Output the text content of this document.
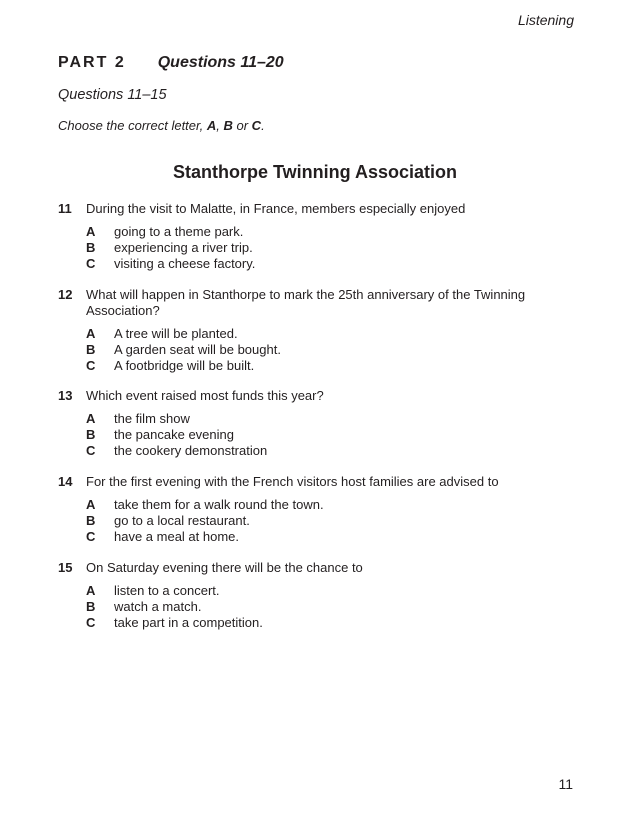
Listening
PART 2 Questions 11–20
Questions 11–15
Choose the correct letter, A, B or C.
Stanthorpe Twinning Association
11	During the visit to Malatte, in France, members especially enjoyed
A	going to a theme park.
B	experiencing a river trip.
C	visiting a cheese factory.
12	What will happen in Stanthorpe to mark the 25th anniversary of the Twinning Association?
A	A tree will be planted.
B	A garden seat will be bought.
C	A footbridge will be built.
13	Which event raised most funds this year?
A	the film show
B	the pancake evening
C	the cookery demonstration
14	For the first evening with the French visitors host families are advised to
A	take them for a walk round the town.
B	go to a local restaurant.
C	have a meal at home.
15	On Saturday evening there will be the chance to
A	listen to a concert.
B	watch a match.
C	take part in a competition.
11
